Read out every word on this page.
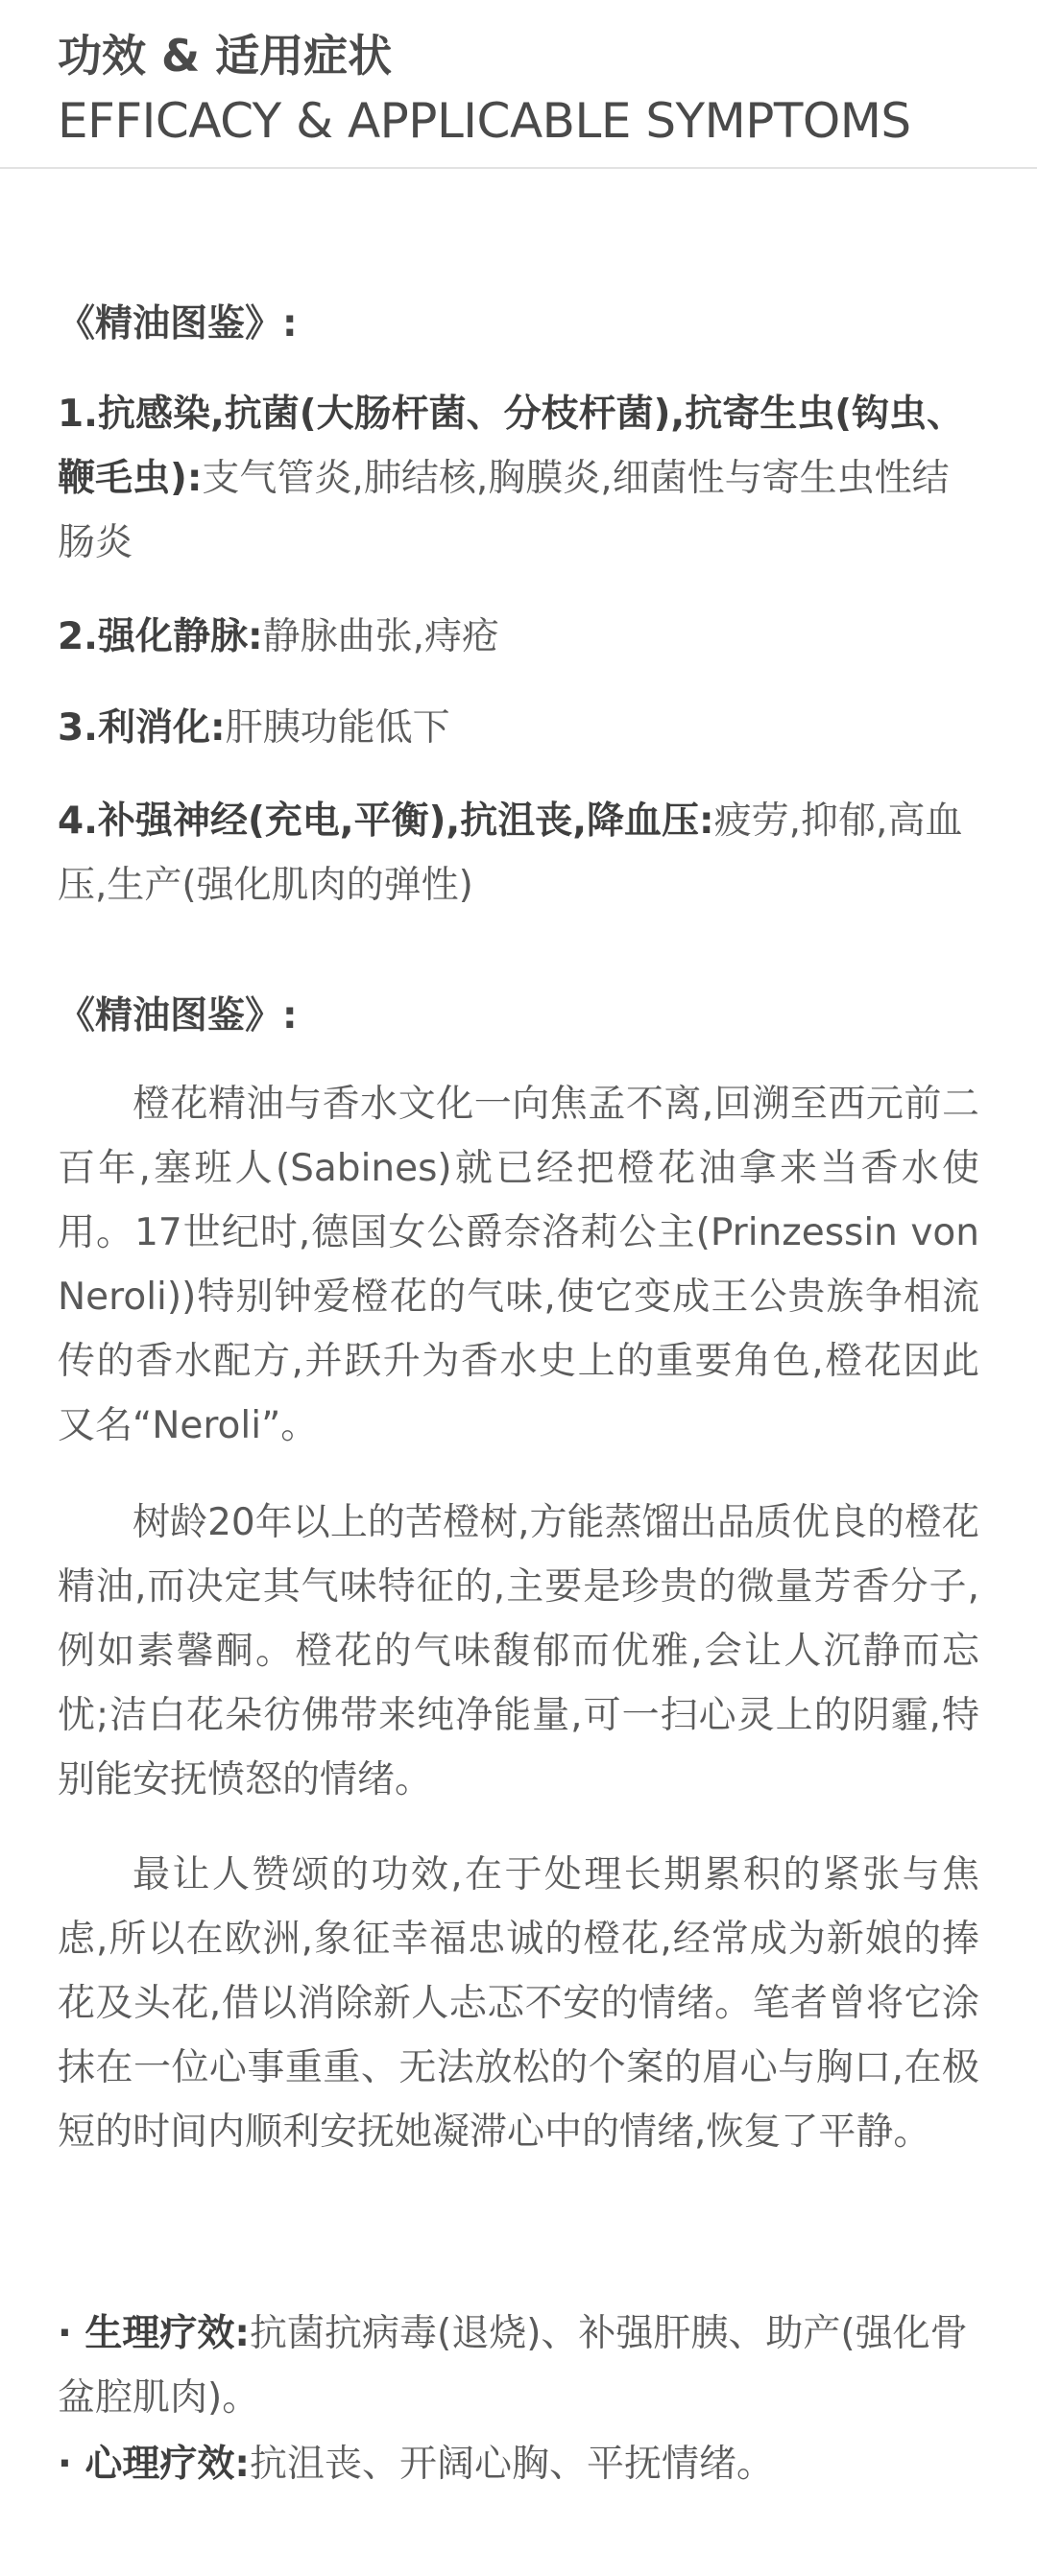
功效 & 适用症状
EFFICACY & APPLICABLE SYMPTOMS
《精油图鉴》:
1.抗感染,抗菌(大肠杆菌、分枝杆菌),抗寄生虫(钩虫、鞭毛虫):支气管炎,肺结核,胸膜炎,细菌性与寄生虫性结肠炎
2.强化静脉:静脉曲张,痔疮
3.利消化:肝胰功能低下
4.补强神经(充电,平衡),抗沮丧,降血压:疲劳,抑郁,高血压,生产(强化肌肉的弹性)
《精油图鉴》:
橙花精油与香水文化一向焦孟不离,回溯至西元前二百年,塞班人(Sabines)就已经把橙花油拿来当香水使用。17世纪时,德国女公爵奈洛莉公主(Prinzessin von Neroli))特别钟爱橙花的气味,使它变成王公贵族争相流传的香水配方,并跃升为香水史上的重要角色,橙花因此又名“Neroli”。
树龄20年以上的苦橙树,方能蒸馏出品质优良的橙花精油,而决定其气味特征的,主要是珍贵的微量芳香分子,例如素馨酮。橙花的气味馥郁而优雅,会让人沉静而忘忧;洁白花朵彷佛带来纯净能量,可一扫心灵上的阴霾,特别能安抚愤怒的情绪。
最让人赞颂的功效,在于处理长期累积的紧张与焦虑,所以在欧洲,象征幸福忠诚的橙花,经常成为新娘的捧花及头花,借以消除新人忐忑不安的情绪。笔者曾将它涂抹在一位心事重重、无法放松的个案的眉心与胸口,在极短的时间内顺利安抚她凝滞心中的情绪,恢复了平静。
· 生理疗效:抗菌抗病毒(退烧)、补强肝胰、助产(强化骨盆腔肌肉)。
· 心理疗效:抗沮丧、开阔心胸、平抚情绪。
